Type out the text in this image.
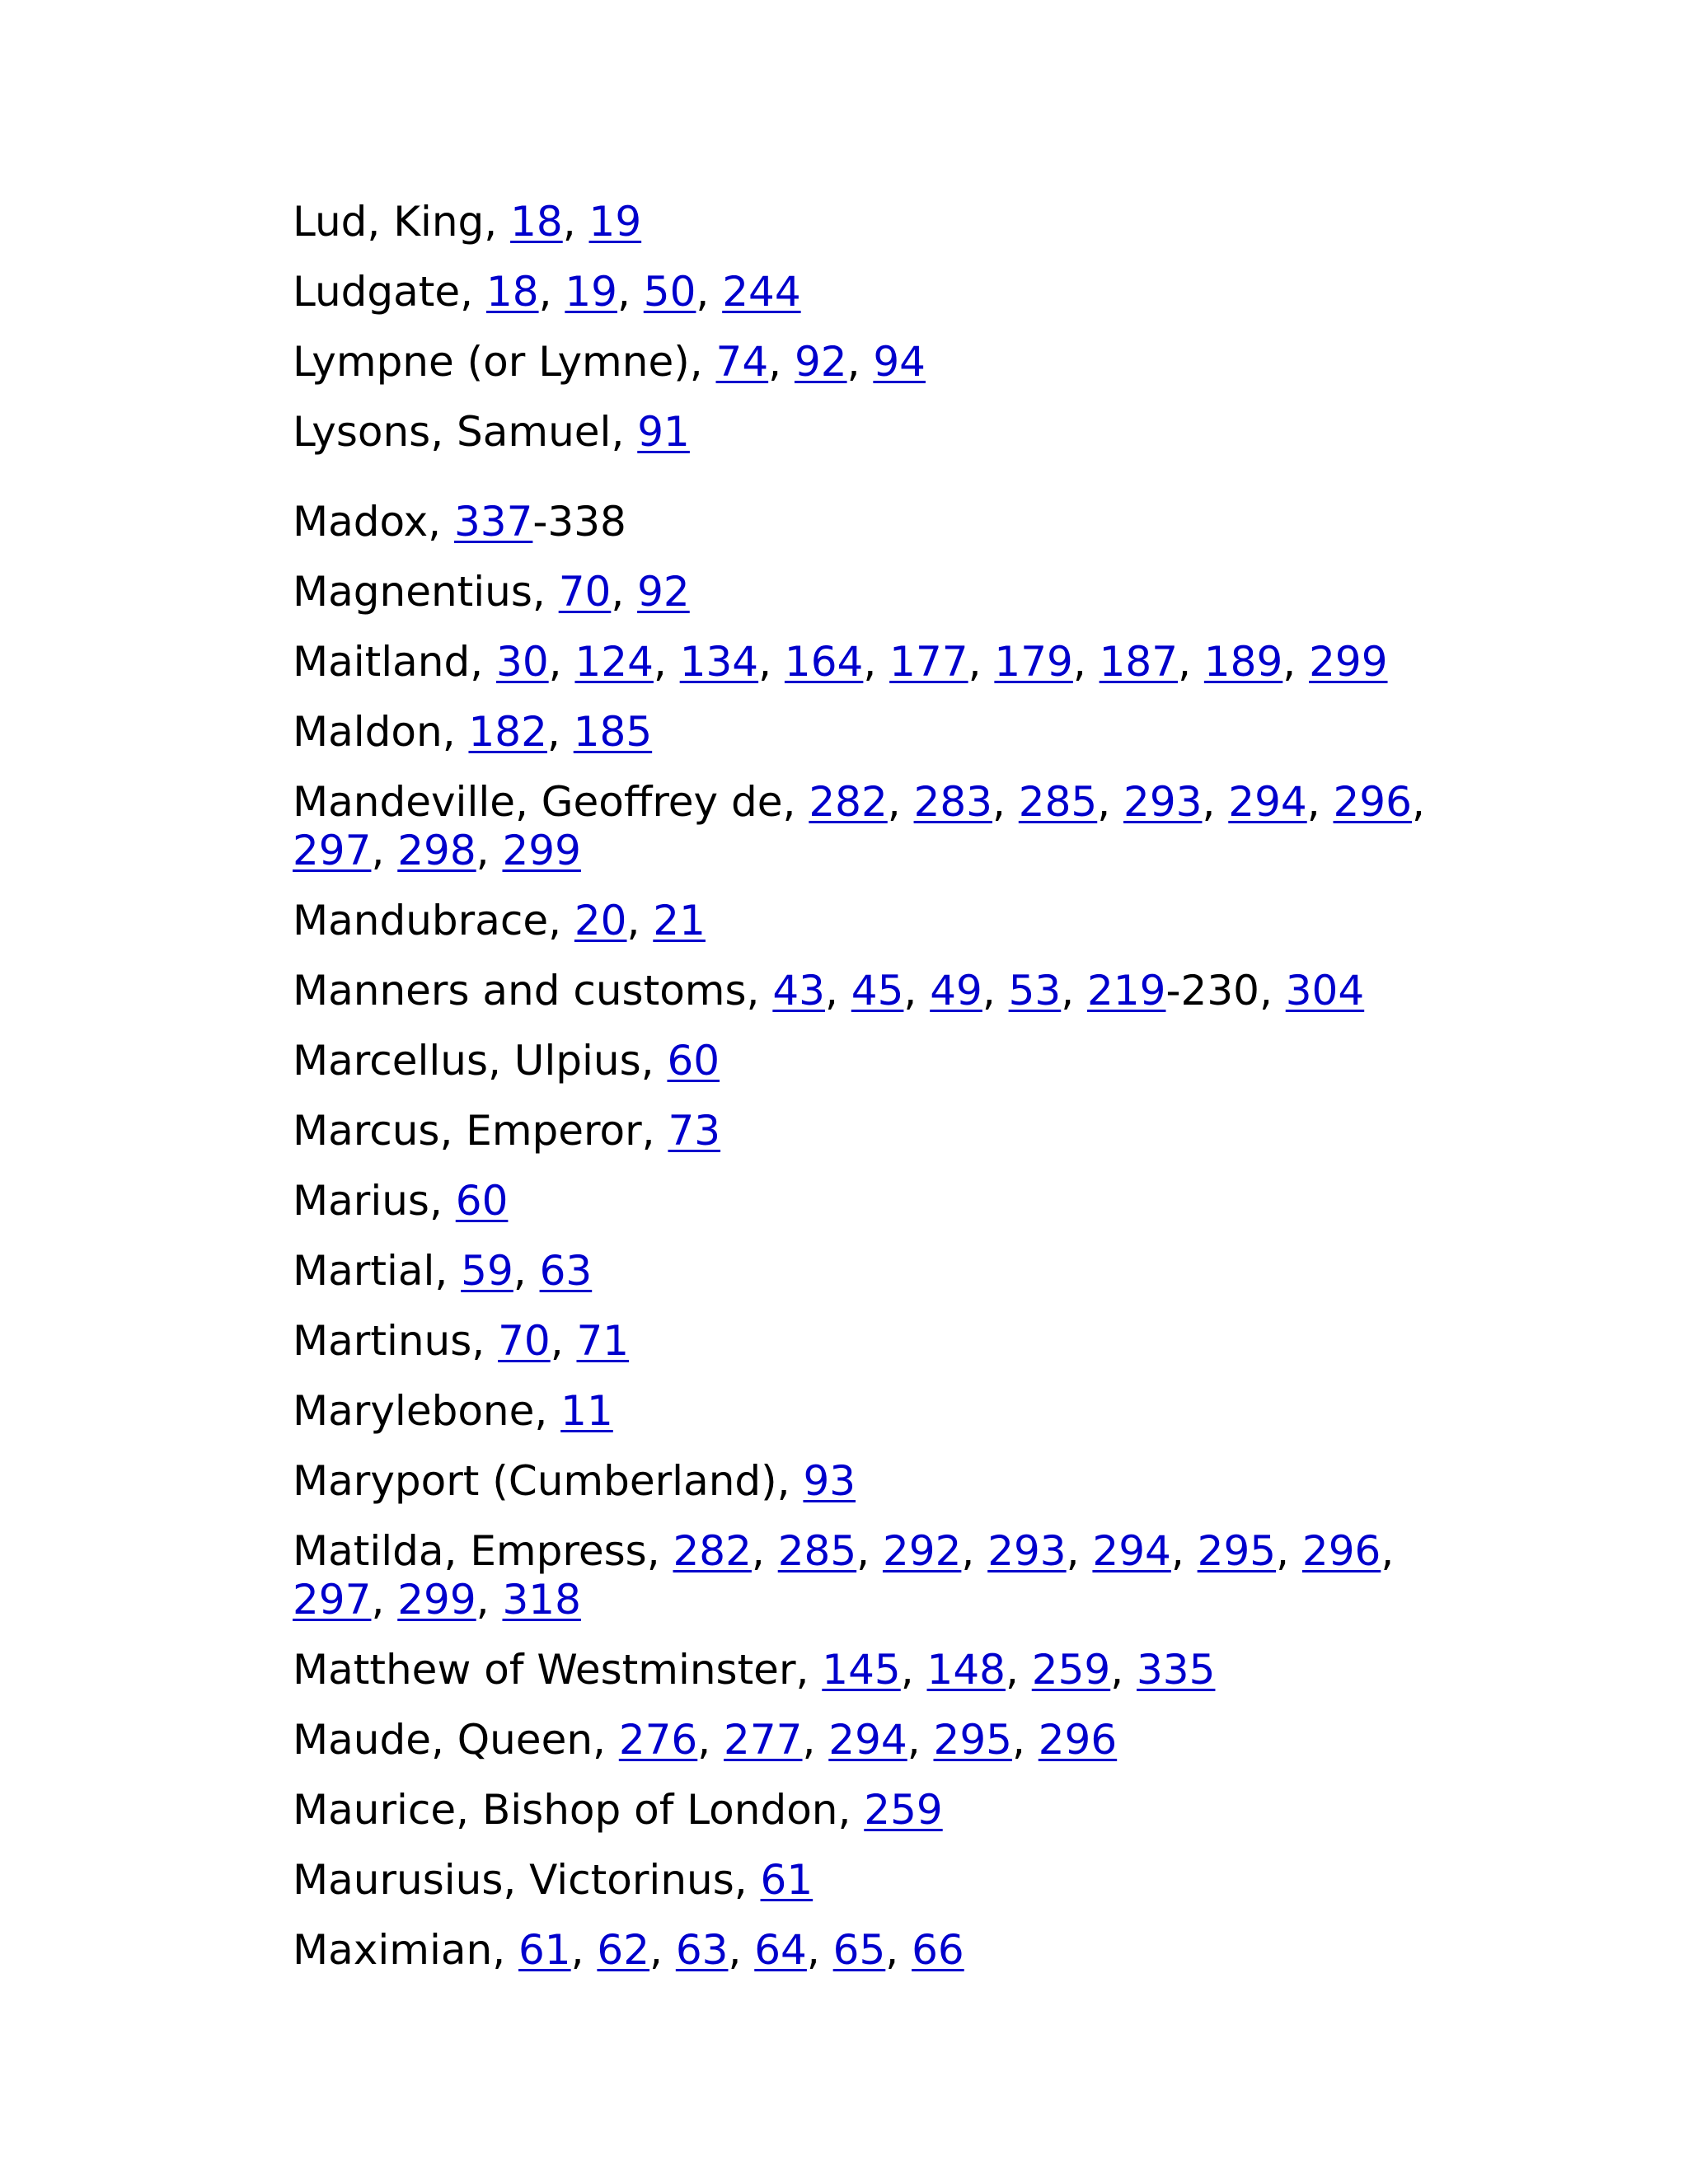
Lud, King, 18, 19
Ludgate, 18, 19, 50, 244
Lympne (or Lymne), 74, 92, 94
Lysons, Samuel, 91
Madox, 337-338
Magnentius, 70, 92
Maitland, 30, 124, 134, 164, 177, 179, 187, 189, 299
Maldon, 182, 185
Mandeville, Geoffrey de, 282, 283, 285, 293, 294, 296, 297, 298, 299
Mandubrace, 20, 21
Manners and customs, 43, 45, 49, 53, 219-230, 304
Marcellus, Ulpius, 60
Marcus, Emperor, 73
Marius, 60
Martial, 59, 63
Martinus, 70, 71
Marylebone, 11
Maryport (Cumberland), 93
Matilda, Empress, 282, 285, 292, 293, 294, 295, 296, 297, 299, 318
Matthew of Westminster, 145, 148, 259, 335
Maude, Queen, 276, 277, 294, 295, 296
Maurice, Bishop of London, 259
Maurusius, Victorinus, 61
Maximian, 61, 62, 63, 64, 65, 66
